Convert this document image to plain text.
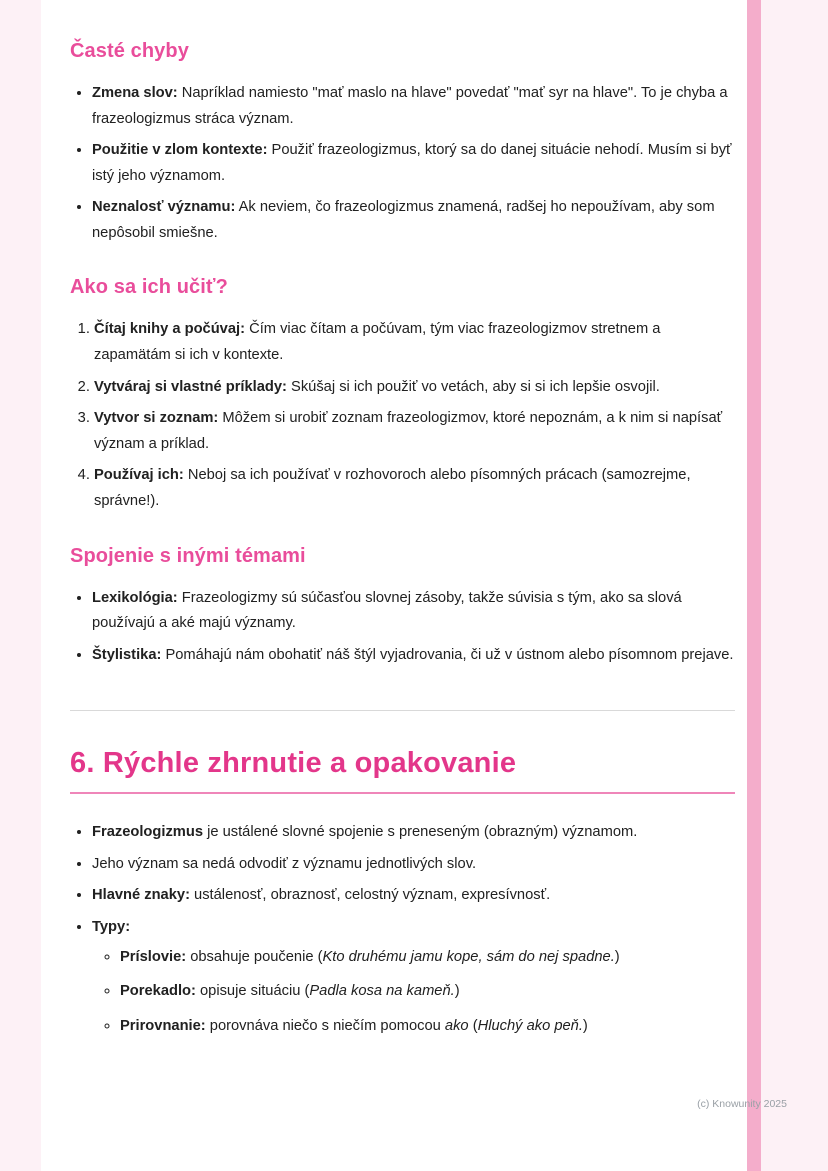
Časté chyby
• Zmena slov: Napríklad namiesto "mať maslo na hlave" povedať "mať syr na hlave". To je chyba a frazeologizmus stráca význam.
• Použitie v zlom kontexte: Použiť frazeologizmus, ktorý sa do danej situácie nehodí. Musím si byť istý jeho významom.
• Neznalosť významu: Ak neviem, čo frazeologizmus znamená, radšej ho nepoužívam, aby som nepôsobil smiešne.
Ako sa ich učiť?
1. Čítaj knihy a počúvaj: Čím viac čítam a počúvam, tým viac frazeologizmov stretnem a zapamätám si ich v kontexte.
2. Vytváraj si vlastné príklady: Skúšaj si ich použiť vo vetách, aby si si ich lepšie osvojil.
3. Vytvor si zoznam: Môžem si urobiť zoznam frazeologizmov, ktoré nepoznám, a k nim si napísať význam a príklad.
4. Používaj ich: Neboj sa ich používať v rozhovoroch alebo písomných prácach (samozrejme, správne!).
Spojenie s inými témami
• Lexikológia: Frazeologizmy sú súčasťou slovnej zásoby, takže súvisia s tým, ako sa slová používajú a aké majú významy.
• Štylistika: Pomáhajú nám obohatiť náš štýl vyjadrovania, či už v ústnom alebo písomnom prejave.
6. Rýchle zhrnutie a opakovanie
• Frazeologizmus je ustálené slovné spojenie s preneseným (obrazným) významom.
• Jeho význam sa nedá odvodiť z významu jednotlivých slov.
• Hlavné znaky: ustálenosť, obraznosť, celostný význam, expresívnosť.
• Typy:
◦ Príslovie: obsahuje poučenie (Kto druhému jamu kope, sám do nej spadne.)
◦ Porekadlo: opisuje situáciu (Padla kosa na kameň.)
◦ Prirovnanie: porovnáva niečo s niečím pomocou ako (Hluchý ako peň.)
(c) Knowunity 2025
